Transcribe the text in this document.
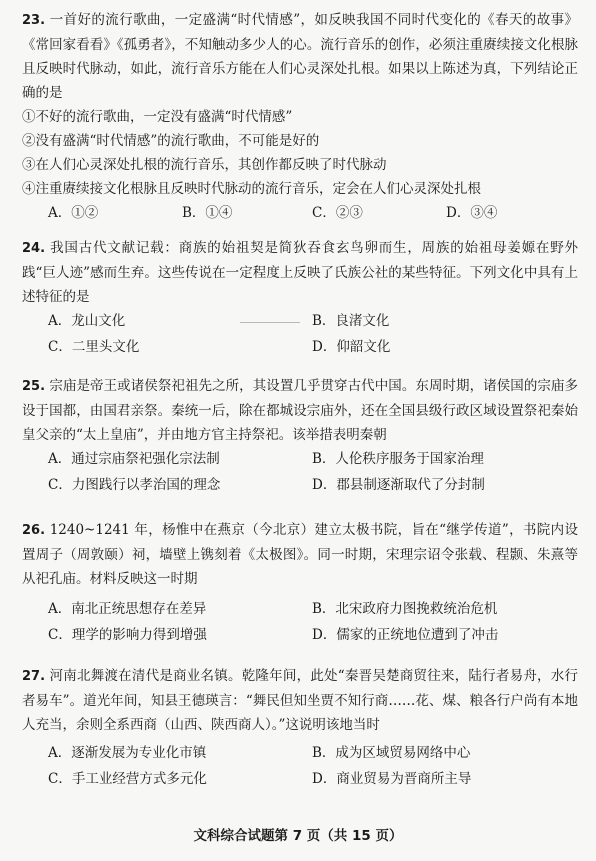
23. 一首好的流行歌曲，一定盛满“时代情感”，如反映我国不同时代变化的《春天的故事》《常回家看看》《孤勇者》，不知触动多少人的心。流行音乐的创作，必须注重赓续接文化根脉且反映时代脉动，如此，流行音乐方能在人们心灵深处扎根。如果以上陈述为真，下列结论正确的是

①不好的流行歌曲，一定没有盛满“时代情感”

②没有盛满“时代情感”的流行歌曲，不可能是好的

③在人们心灵深处扎根的流行音乐，其创作都反映了时代脉动

④注重赓续接文化根脉且反映时代脉动的流行音乐，定会在人们心灵深处扎根

A．①②	B．①④	C．②③	D．③④

24. 我国古代文献记载：商族的始祖契是简狄吞食玄鸟卵而生，周族的始祖母姜嫄在野外践“巨人迹”感而生弃。这些传说在一定程度上反映了氏族公社的某些特征。下列文化中具有上述特征的是

A．龙山文化	B．良渚文化
C．二里头文化	D．仰韶文化

25. 宗庙是帝王或诸侯祭祀祖先之所，其设置几乎贯穿古代中国。东周时期，诸侯国的宗庙多设于国都，由国君亲祭。秦统一后，除在都城设宗庙外，还在全国县级行政区域设置祭祀秦始皇父亲的“太上皇庙”，并由地方官主持祭祀。该举措表明秦朝

A．通过宗庙祭祀强化宗法制	B．人伦秩序服务于国家治理
C．力图践行以孝治国的理念	D．郡县制逐渐取代了分封制

26. 1240~1241 年，杨惟中在燕京（今北京）建立太极书院，旨在“继学传道”，书院内设置周子（周敦颐）祠，墙壁上镌刻着《太极图》。同一时期，宋理宗诏令张载、程颢、朱熹等从祀孔庙。材料反映这一时期

A．南北正统思想存在差异	B．北宋政府力图挽救统治危机
C．理学的影响力得到增强	D．儒家的正统地位遭到了冲击

27. 河南北舞渡在清代是商业名镇。乾隆年间，此处“秦晋吴楚商贸往来，陆行者易舟，水行者易车”。道光年间，知县王德瑛言：“舞民但知坐贾不知行商……花、煤、粮各行户尚有本地人充当，余则全系西商（山西、陕西商人）。”这说明该地当时

A．逐渐发展为专业化市镇	B．成为区域贸易网络中心
C．手工业经营方式多元化	D．商业贸易为晋商所主导
文科综合试题第 7 页（共 15 页）
